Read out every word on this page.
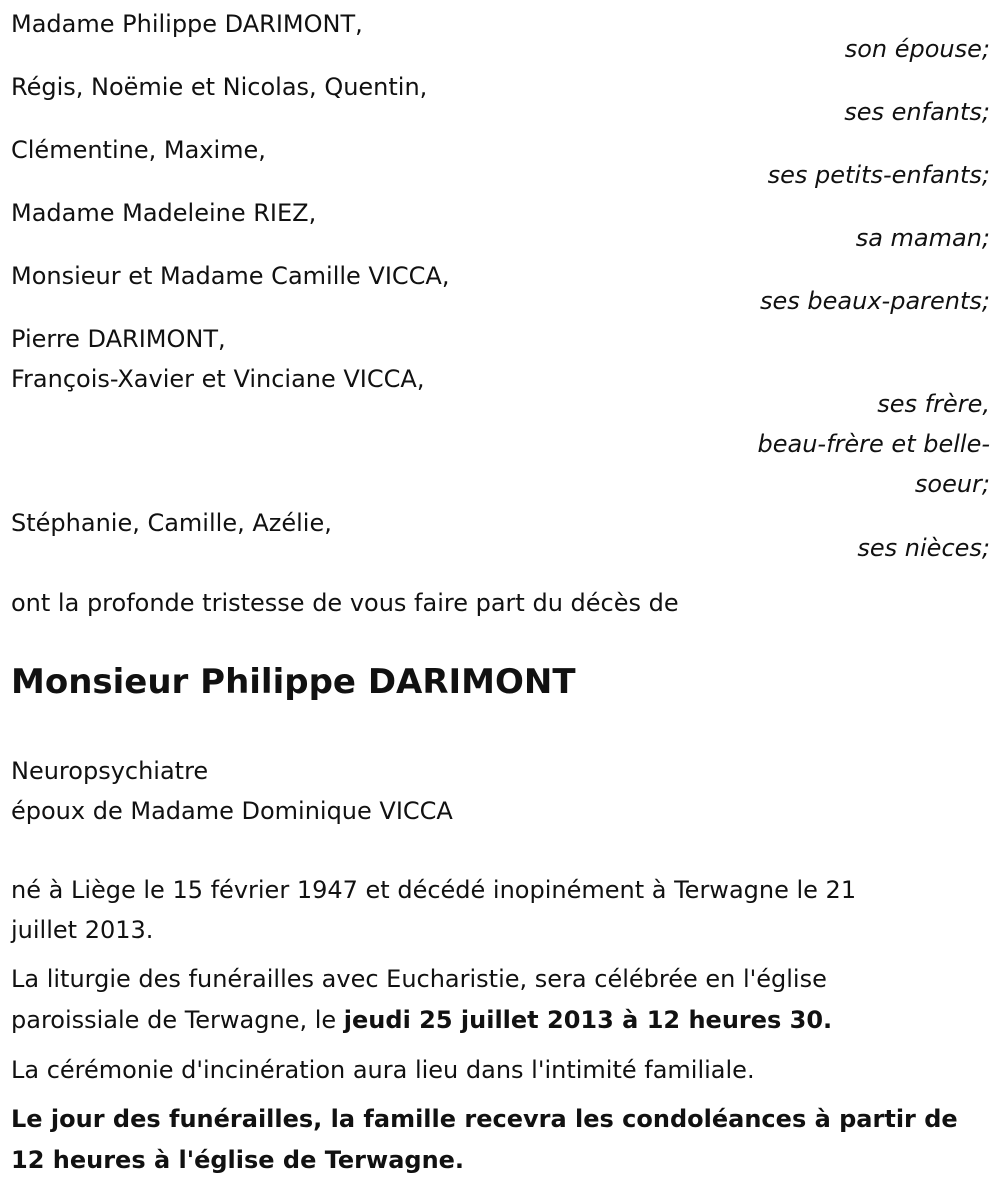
Madame Philippe DARIMONT,
son épouse;
Régis, Noëmie et Nicolas, Quentin,
ses enfants;
Clémentine, Maxime,
ses petits-enfants;
Madame Madeleine RIEZ,
sa maman;
Monsieur et Madame Camille VICCA,
ses beaux-parents;
Pierre DARIMONT,
François-Xavier et Vinciane VICCA,
ses frère,
beau-frère et belle-
soeur;
Stéphanie, Camille, Azélie,
ses nièces;
ont la profonde tristesse de vous faire part du décès de
Monsieur Philippe DARIMONT
Neuropsychiatre
époux de Madame Dominique VICCA
né à Liège le 15 février 1947 et décédé inopinément à Terwagne le 21
juillet 2013.
La liturgie des funérailles avec Eucharistie, sera célébrée en l'église
paroissiale de Terwagne, le jeudi 25 juillet 2013 à 12 heures 30.
La cérémonie d'incinération aura lieu dans l'intimité familiale.
Le jour des funérailles, la famille recevra les condoléances à partir de
12 heures à l'église de Terwagne.
